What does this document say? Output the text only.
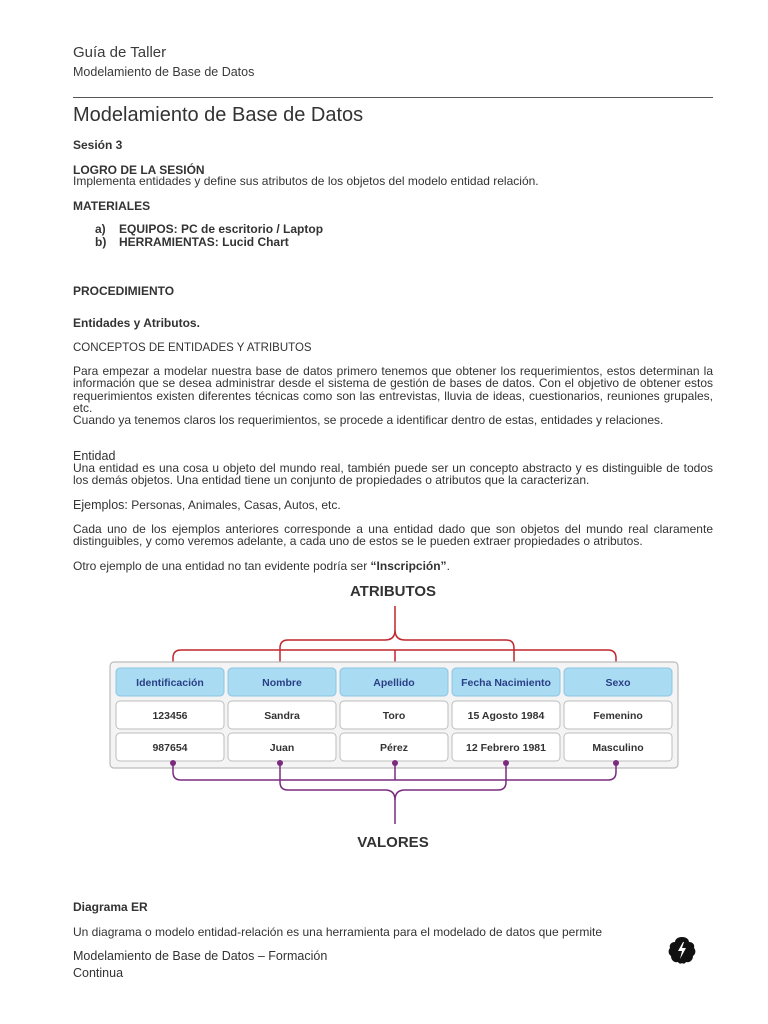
Guía de Taller
Modelamiento de Base de Datos
Modelamiento de Base de Datos
Sesión 3
LOGRO DE LA SESIÓN
Implementa entidades y define sus atributos de los objetos del modelo entidad relación.
MATERIALES
a) EQUIPOS: PC de escritorio / Laptop
b) HERRAMIENTAS: Lucid Chart
PROCEDIMIENTO
Entidades y Atributos.
CONCEPTOS DE ENTIDADES Y ATRIBUTOS
Para empezar a modelar nuestra base de datos primero tenemos que obtener los requerimientos, estos determinan la información que se desea administrar desde el sistema de gestión de bases de datos. Con el objetivo de obtener estos requerimientos existen diferentes técnicas como son las entrevistas, lluvia de ideas, cuestionarios, reuniones grupales, etc.
Cuando ya tenemos claros los requerimientos, se procede a identificar dentro de estas, entidades y relaciones.
Entidad
Una entidad es una cosa u objeto del mundo real, también puede ser un concepto abstracto y es distinguible de todos los demás objetos. Una entidad tiene un conjunto de propiedades o atributos que la caracterizan.
Ejemplos: Personas, Animales, Casas, Autos, etc.
Cada uno de los ejemplos anteriores corresponde a una entidad dado que son objetos del mundo real claramente distinguibles, y como veremos adelante, a cada uno de estos se le pueden extraer propiedades o atributos.
Otro ejemplo de una entidad no tan evidente podría ser “Inscripción”.
ATRIBUTOS
Identificación	Nombre	Apellido	Fecha Nacimiento	Sexo
123456	Sandra	Toro	15 Agosto 1984	Femenino
987654	Juan	Pérez	12 Febrero 1981	Masculino
VALORES
Diagrama ER
Un diagrama o modelo entidad-relación es una herramienta para el modelado de datos que permite
Modelamiento de Base de Datos – Formación
Continua
